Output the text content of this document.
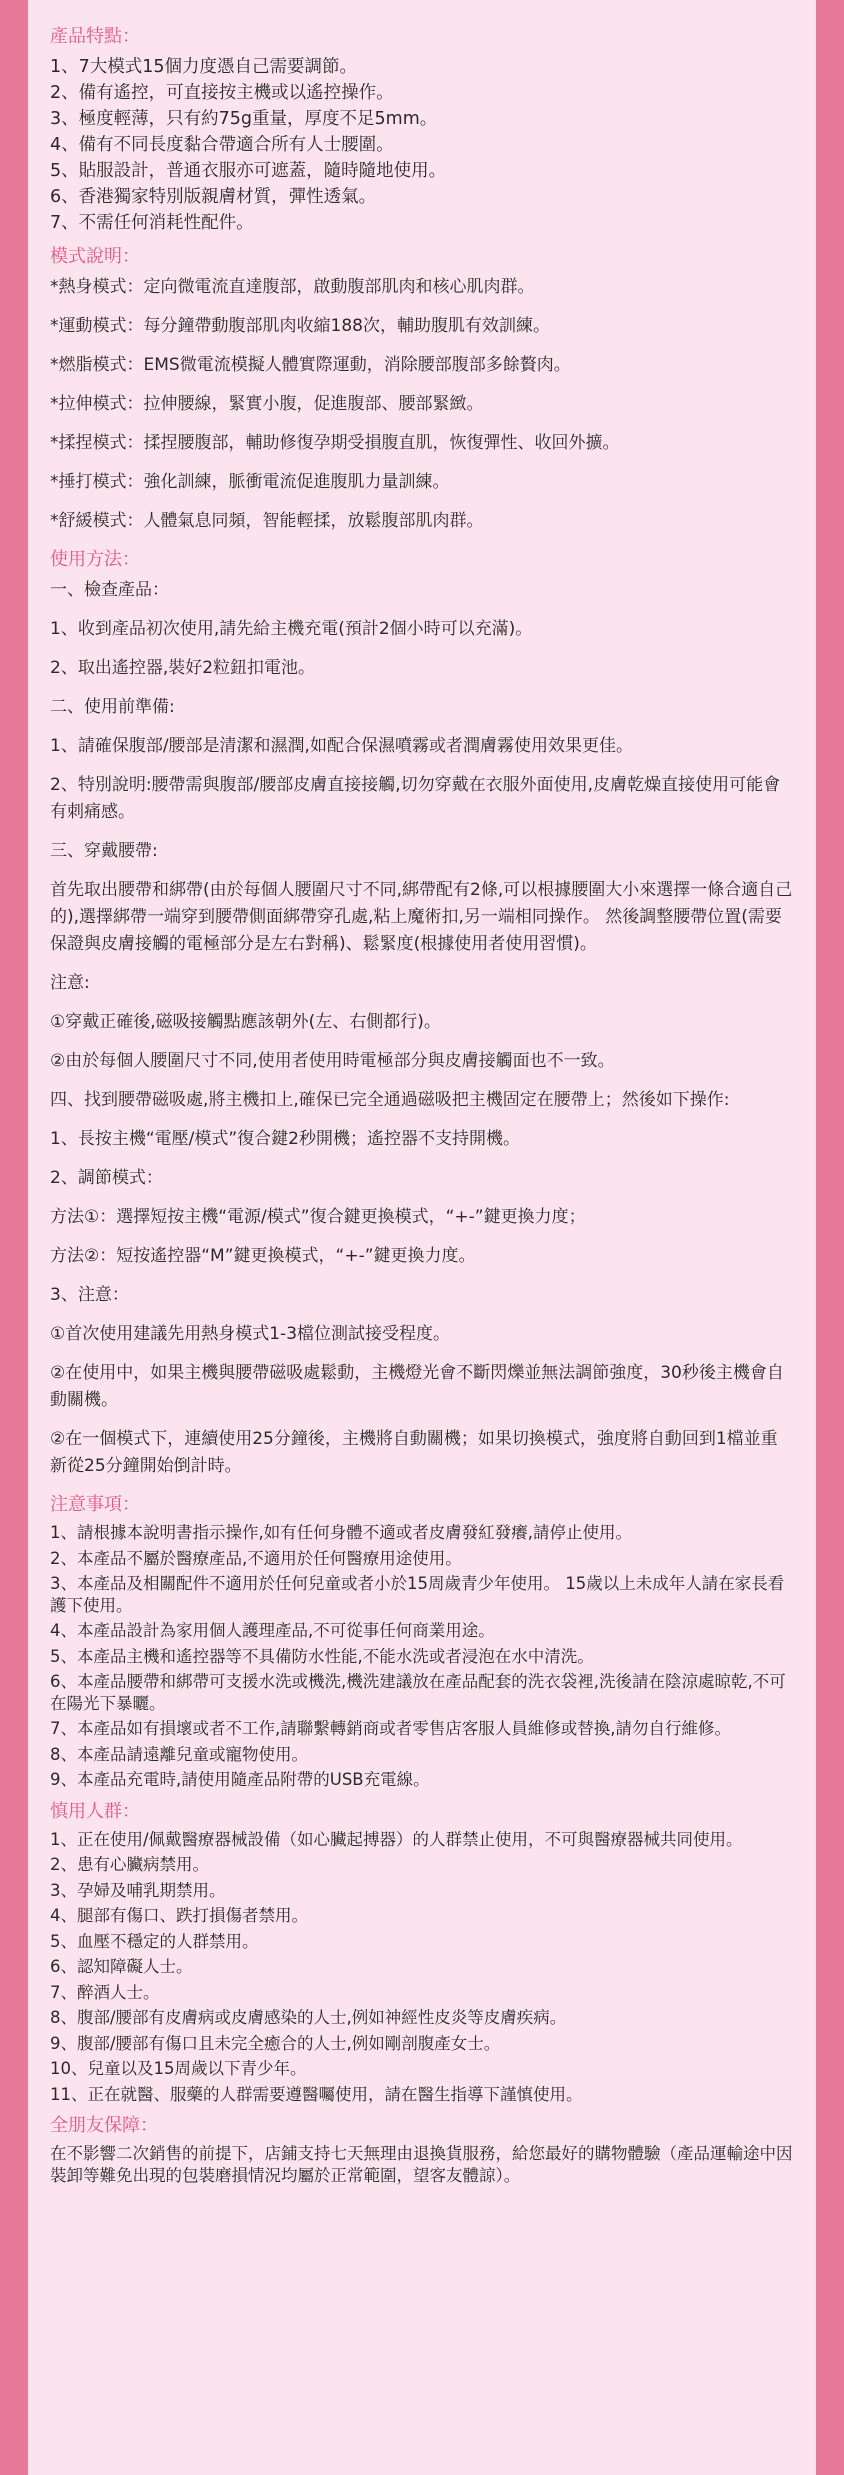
產品特點：

1、7大模式15個力度憑自己需要調節。

2、備有遙控，可直接按主機或以遙控操作。

3、極度輕薄，只有約75g重量，厚度不足5mm。

4、備有不同長度黏合帶適合所有人士腰圍。

5、貼服設計，普通衣服亦可遮蓋，隨時隨地使用。

6、香港獨家特別版親膚材質，彈性透氣。

7、不需任何消耗性配件。

模式說明：

*熱身模式：定向微電流直達腹部，啟動腹部肌肉和核心肌肉群。

*運動模式：每分鐘帶動腹部肌肉收縮188次，輔助腹肌有效訓練。

*燃脂模式：EMS微電流模擬人體實際運動，消除腰部腹部多餘贅肉。

*拉伸模式：拉伸腰線，緊實小腹，促進腹部、腰部緊緻。

*揉捏模式：揉捏腰腹部，輔助修復孕期受損腹直肌，恢復彈性、收回外擴。

*捶打模式：強化訓練，脈衝電流促進腹肌力量訓練。

*舒緩模式：人體氣息同頻，智能輕揉，放鬆腹部肌肉群。

使用方法：

一、檢查產品：

1、收到產品初次使用,請先給主機充電(預計2個小時可以充滿)。

2、取出遙控器,裝好2粒鈕扣電池。

二、使用前準備:

1、請確保腹部/腰部是清潔和濕潤,如配合保濕噴霧或者潤膚霧使用效果更佳。

2、特別說明:腰帶需與腹部/腰部皮膚直接接觸,切勿穿戴在衣服外面使用,皮膚乾燥直接使用可能會有刺痛感。

三、穿戴腰帶:

首先取出腰帶和綁帶(由於每個人腰圍尺寸不同,綁帶配有2條,可以根據腰圍大小來選擇一條合適自己的),選擇綁帶一端穿到腰帶側面綁帶穿孔處,粘上魔術扣,另一端相同操作。 然後調整腰帶位置(需要保證與皮膚接觸的電極部分是左右對稱)、鬆緊度(根據使用者使用習慣)。

注意:

①穿戴正確後,磁吸接觸點應該朝外(左、右側都行)。

②由於每個人腰圍尺寸不同,使用者使用時電極部分與皮膚接觸面也不一致。

四、找到腰帶磁吸處,將主機扣上,確保已完全通過磁吸把主機固定在腰帶上；然後如下操作:

1、長按主機“電壓/模式”復合鍵2秒開機；遙控器不支持開機。

2、調節模式：

方法①：選擇短按主機“電源/模式”復合鍵更換模式，“+-”鍵更換力度；

方法②：短按遙控器“M”鍵更換模式，“+-”鍵更換力度。

3、注意：

①首次使用建議先用熱身模式1-3檔位測試接受程度。

②在使用中，如果主機與腰帶磁吸處鬆動，主機燈光會不斷閃爍並無法調節強度，30秒後主機會自動關機。

②在一個模式下，連續使用25分鐘後，主機將自動關機；如果切換模式，強度將自動回到1檔並重新從25分鐘開始倒計時。

注意事項：

1、請根據本說明書指示操作,如有任何身體不適或者皮膚發紅發癢,請停止使用。

2、本產品不屬於醫療產品,不適用於任何醫療用途使用。

3、本產品及相關配件不適用於任何兒童或者小於15周歲青少年使用。 15歲以上未成年人請在家長看護下使用。

4、本產品設計為家用個人護理產品,不可從事任何商業用途。

5、本產品主機和遙控器等不具備防水性能,不能水洗或者浸泡在水中清洗。

6、本產品腰帶和綁帶可支援水洗或機洗,機洗建議放在產品配套的洗衣袋裡,洗後請在陰涼處晾乾,不可在陽光下暴曬。

7、本產品如有損壞或者不工作,請聯繫轉銷商或者零售店客服人員維修或替換,請勿自行維修。

8、本產品請遠離兒童或寵物使用。

9、本產品充電時,請使用隨產品附帶的USB充電線。

慎用人群：

1、正在使用/佩戴醫療器械設備（如心臟起搏器）的人群禁止使用，不可與醫療器械共同使用。

2、患有心臟病禁用。

3、孕婦及哺乳期禁用。

4、腿部有傷口、跌打損傷者禁用。

5、血壓不穩定的人群禁用。

6、認知障礙人士。

7、醉酒人士。

8、腹部/腰部有皮膚病或皮膚感染的人士,例如神經性皮炎等皮膚疾病。

9、腹部/腰部有傷口且未完全癒合的人士,例如剛剖腹產女士。

10、兒童以及15周歲以下青少年。

11、正在就醫、服藥的人群需要遵醫囑使用，請在醫生指導下謹慎使用。

全朋友保障：

在不影響二次銷售的前提下，店鋪支持七天無理由退換貨服務，給您最好的購物體驗（產品運輸途中因裝卸等難免出現的包裝磨損情況均屬於正常範圍，望客友體諒）。
